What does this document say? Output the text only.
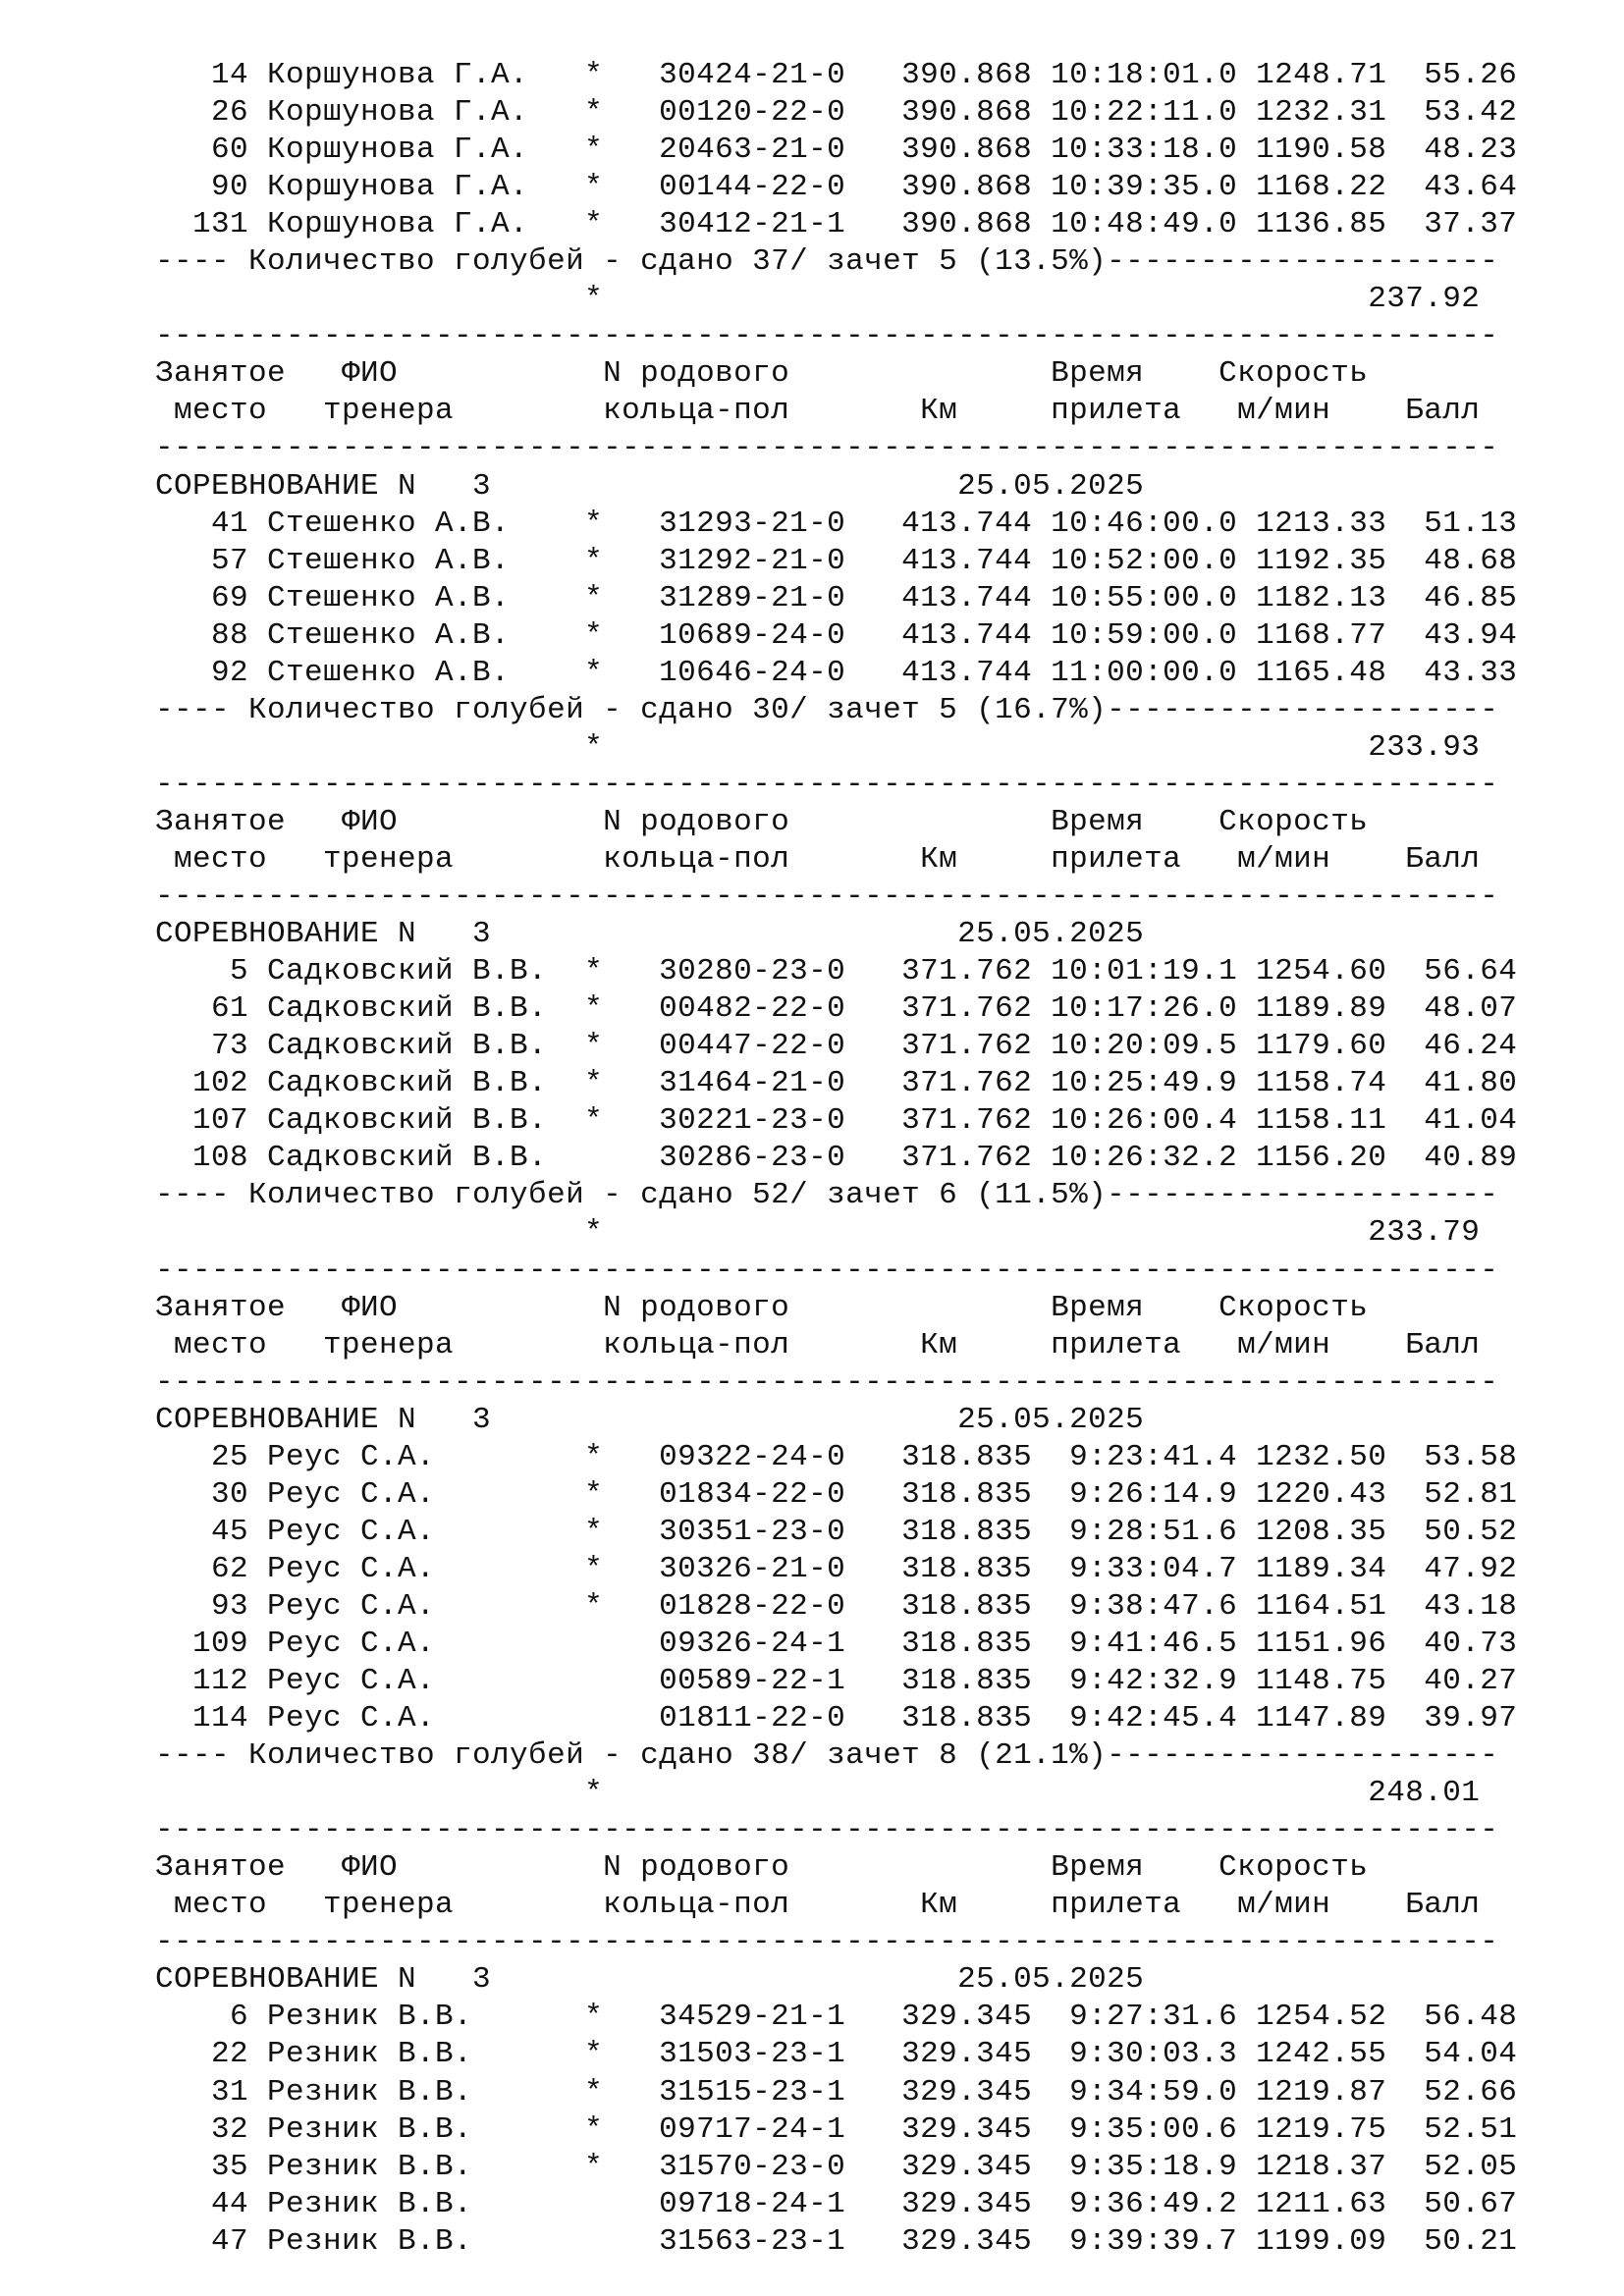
14 Коршунова Г.А.   *   30424-21-0   390.868 10:18:01.0 1248.71  55.26
26 Коршунова Г.А.   *   00120-22-0   390.868 10:22:11.0 1232.31  53.42
60 Коршунова Г.А.   *   20463-21-0   390.868 10:33:18.0 1190.58  48.23
90 Коршунова Г.А.   *   00144-22-0   390.868 10:39:35.0 1168.22  43.64
131 Коршунова Г.А.   *   30412-21-1   390.868 10:48:49.0 1136.85  37.37
---- Количество голубей - сдано 37/ зачет 5 (13.5%)---------------------
*                                         237.92
------------------------------------------------------------------------
Занятое   ФИО           N родового              Время    Скорость
место   тренера        кольца-пол       Км     прилета   м/мин    Балл
------------------------------------------------------------------------
СОРЕВНОВАНИЕ N   3                         25.05.2025
41 Стешенко А.В.    *   31293-21-0   413.744 10:46:00.0 1213.33  51.13
57 Стешенко А.В.    *   31292-21-0   413.744 10:52:00.0 1192.35  48.68
69 Стешенко А.В.    *   31289-21-0   413.744 10:55:00.0 1182.13  46.85
88 Стешенко А.В.    *   10689-24-0   413.744 10:59:00.0 1168.77  43.94
92 Стешенко А.В.    *   10646-24-0   413.744 11:00:00.0 1165.48  43.33
---- Количество голубей - сдано 30/ зачет 5 (16.7%)---------------------
*                                         233.93
------------------------------------------------------------------------
Занятое   ФИО           N родового              Время    Скорость
место   тренера        кольца-пол       Км     прилета   м/мин    Балл
------------------------------------------------------------------------
СОРЕВНОВАНИЕ N   3                         25.05.2025
5 Садковский В.В.  *   30280-23-0   371.762 10:01:19.1 1254.60  56.64
61 Садковский В.В.  *   00482-22-0   371.762 10:17:26.0 1189.89  48.07
73 Садковский В.В.  *   00447-22-0   371.762 10:20:09.5 1179.60  46.24
102 Садковский В.В.  *   31464-21-0   371.762 10:25:49.9 1158.74  41.80
107 Садковский В.В.  *   30221-23-0   371.762 10:26:00.4 1158.11  41.04
108 Садковский В.В.      30286-23-0   371.762 10:26:32.2 1156.20  40.89
---- Количество голубей - сдано 52/ зачет 6 (11.5%)---------------------
*                                         233.79
------------------------------------------------------------------------
Занятое   ФИО           N родового              Время    Скорость
место   тренера        кольца-пол       Км     прилета   м/мин    Балл
------------------------------------------------------------------------
СОРЕВНОВАНИЕ N   3                         25.05.2025
25 Реус С.А.        *   09322-24-0   318.835  9:23:41.4 1232.50  53.58
30 Реус С.А.        *   01834-22-0   318.835  9:26:14.9 1220.43  52.81
45 Реус С.А.        *   30351-23-0   318.835  9:28:51.6 1208.35  50.52
62 Реус С.А.        *   30326-21-0   318.835  9:33:04.7 1189.34  47.92
93 Реус С.А.        *   01828-22-0   318.835  9:38:47.6 1164.51  43.18
109 Реус С.А.            09326-24-1   318.835  9:41:46.5 1151.96  40.73
112 Реус С.А.            00589-22-1   318.835  9:42:32.9 1148.75  40.27
114 Реус С.А.            01811-22-0   318.835  9:42:45.4 1147.89  39.97
---- Количество голубей - сдано 38/ зачет 8 (21.1%)---------------------
*                                         248.01
------------------------------------------------------------------------
Занятое   ФИО           N родового              Время    Скорость
место   тренера        кольца-пол       Км     прилета   м/мин    Балл
------------------------------------------------------------------------
СОРЕВНОВАНИЕ N   3                         25.05.2025
6 Резник В.В.      *   34529-21-1   329.345  9:27:31.6 1254.52  56.48
22 Резник В.В.      *   31503-23-1   329.345  9:30:03.3 1242.55  54.04
31 Резник В.В.      *   31515-23-1   329.345  9:34:59.0 1219.87  52.66
32 Резник В.В.      *   09717-24-1   329.345  9:35:00.6 1219.75  52.51
35 Резник В.В.      *   31570-23-0   329.345  9:35:18.9 1218.37  52.05
44 Резник В.В.          09718-24-1   329.345  9:36:49.2 1211.63  50.67
47 Резник В.В.          31563-23-1   329.345  9:39:39.7 1199.09  50.21
